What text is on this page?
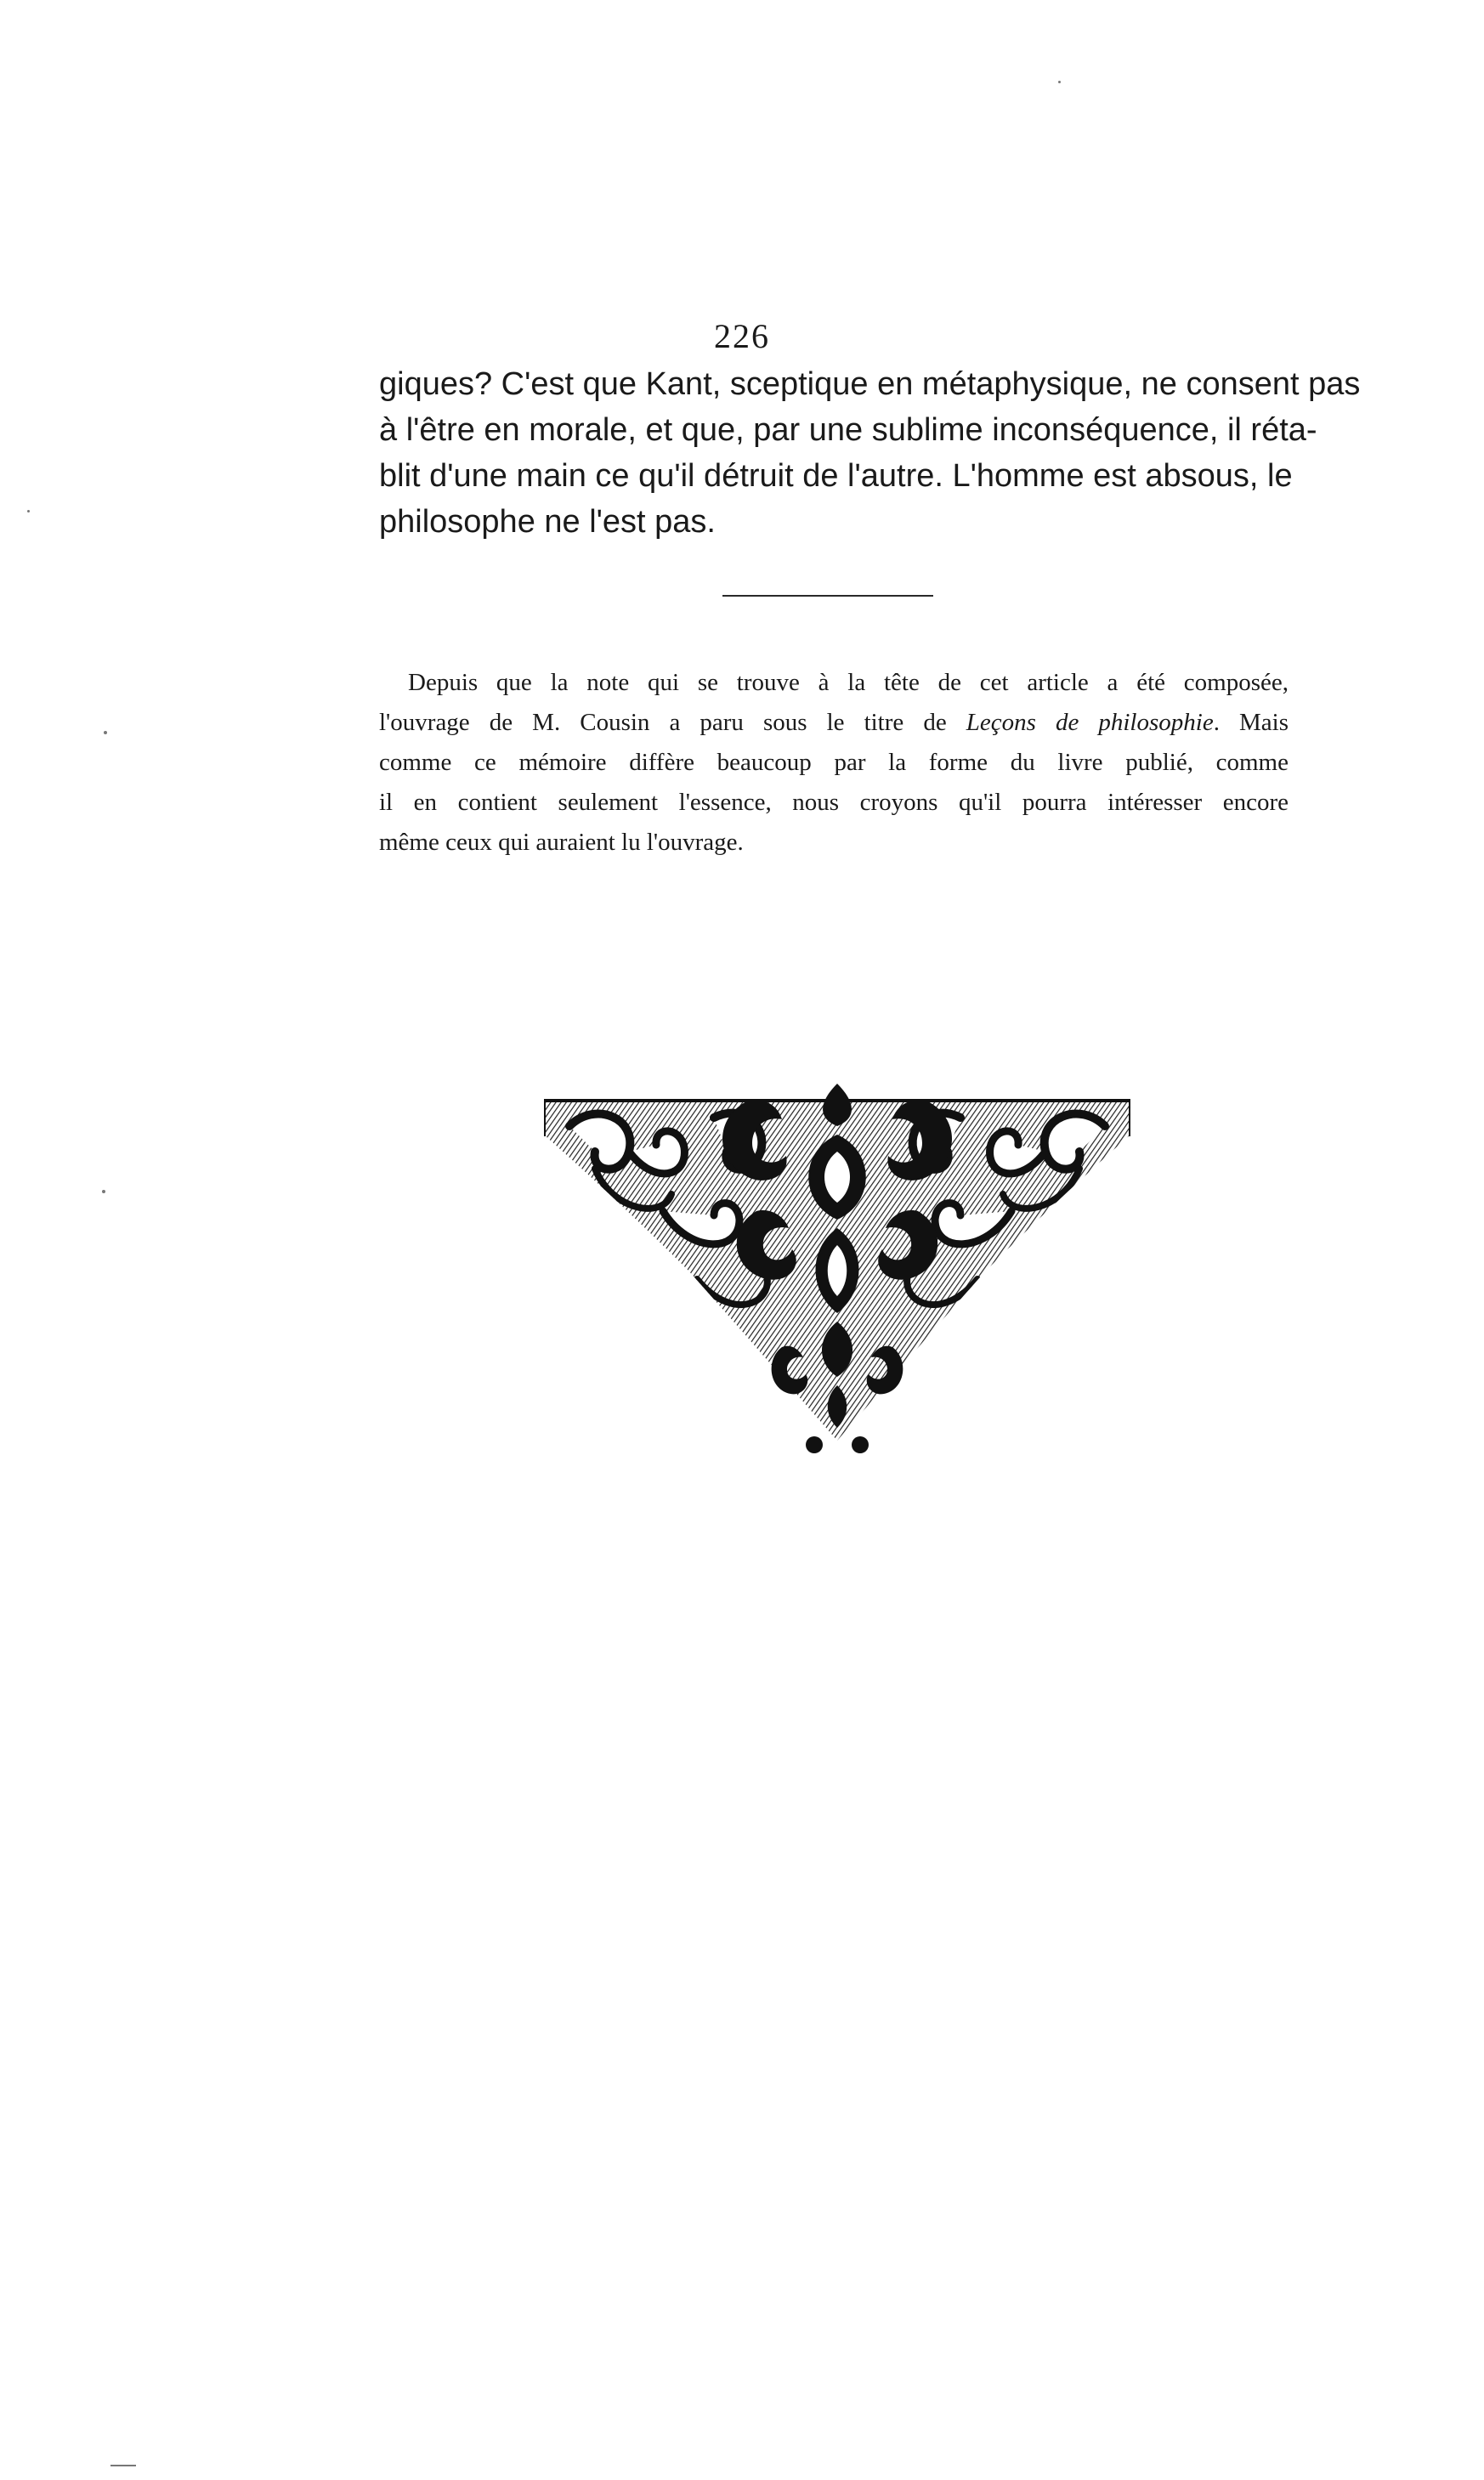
226
giques? C'est que Kant, sceptique en métaphysique, ne consent pas
à l'être en morale, et que, par une sublime inconséquence, il réta-
blit d'une main ce qu'il détruit de l'autre. L'homme est absous, le
philosophe ne l'est pas.
Depuis que la note qui se trouve à la tête de cet article a été composée,
l'ouvrage de M. Cousin a paru sous le titre de Leçons de philosophie. Mais
comme ce mémoire diffère beaucoup par la forme du livre publié, comme
il en contient seulement l'essence, nous croyons qu'il pourra intéresser encore
même ceux qui auraient lu l'ouvrage.
